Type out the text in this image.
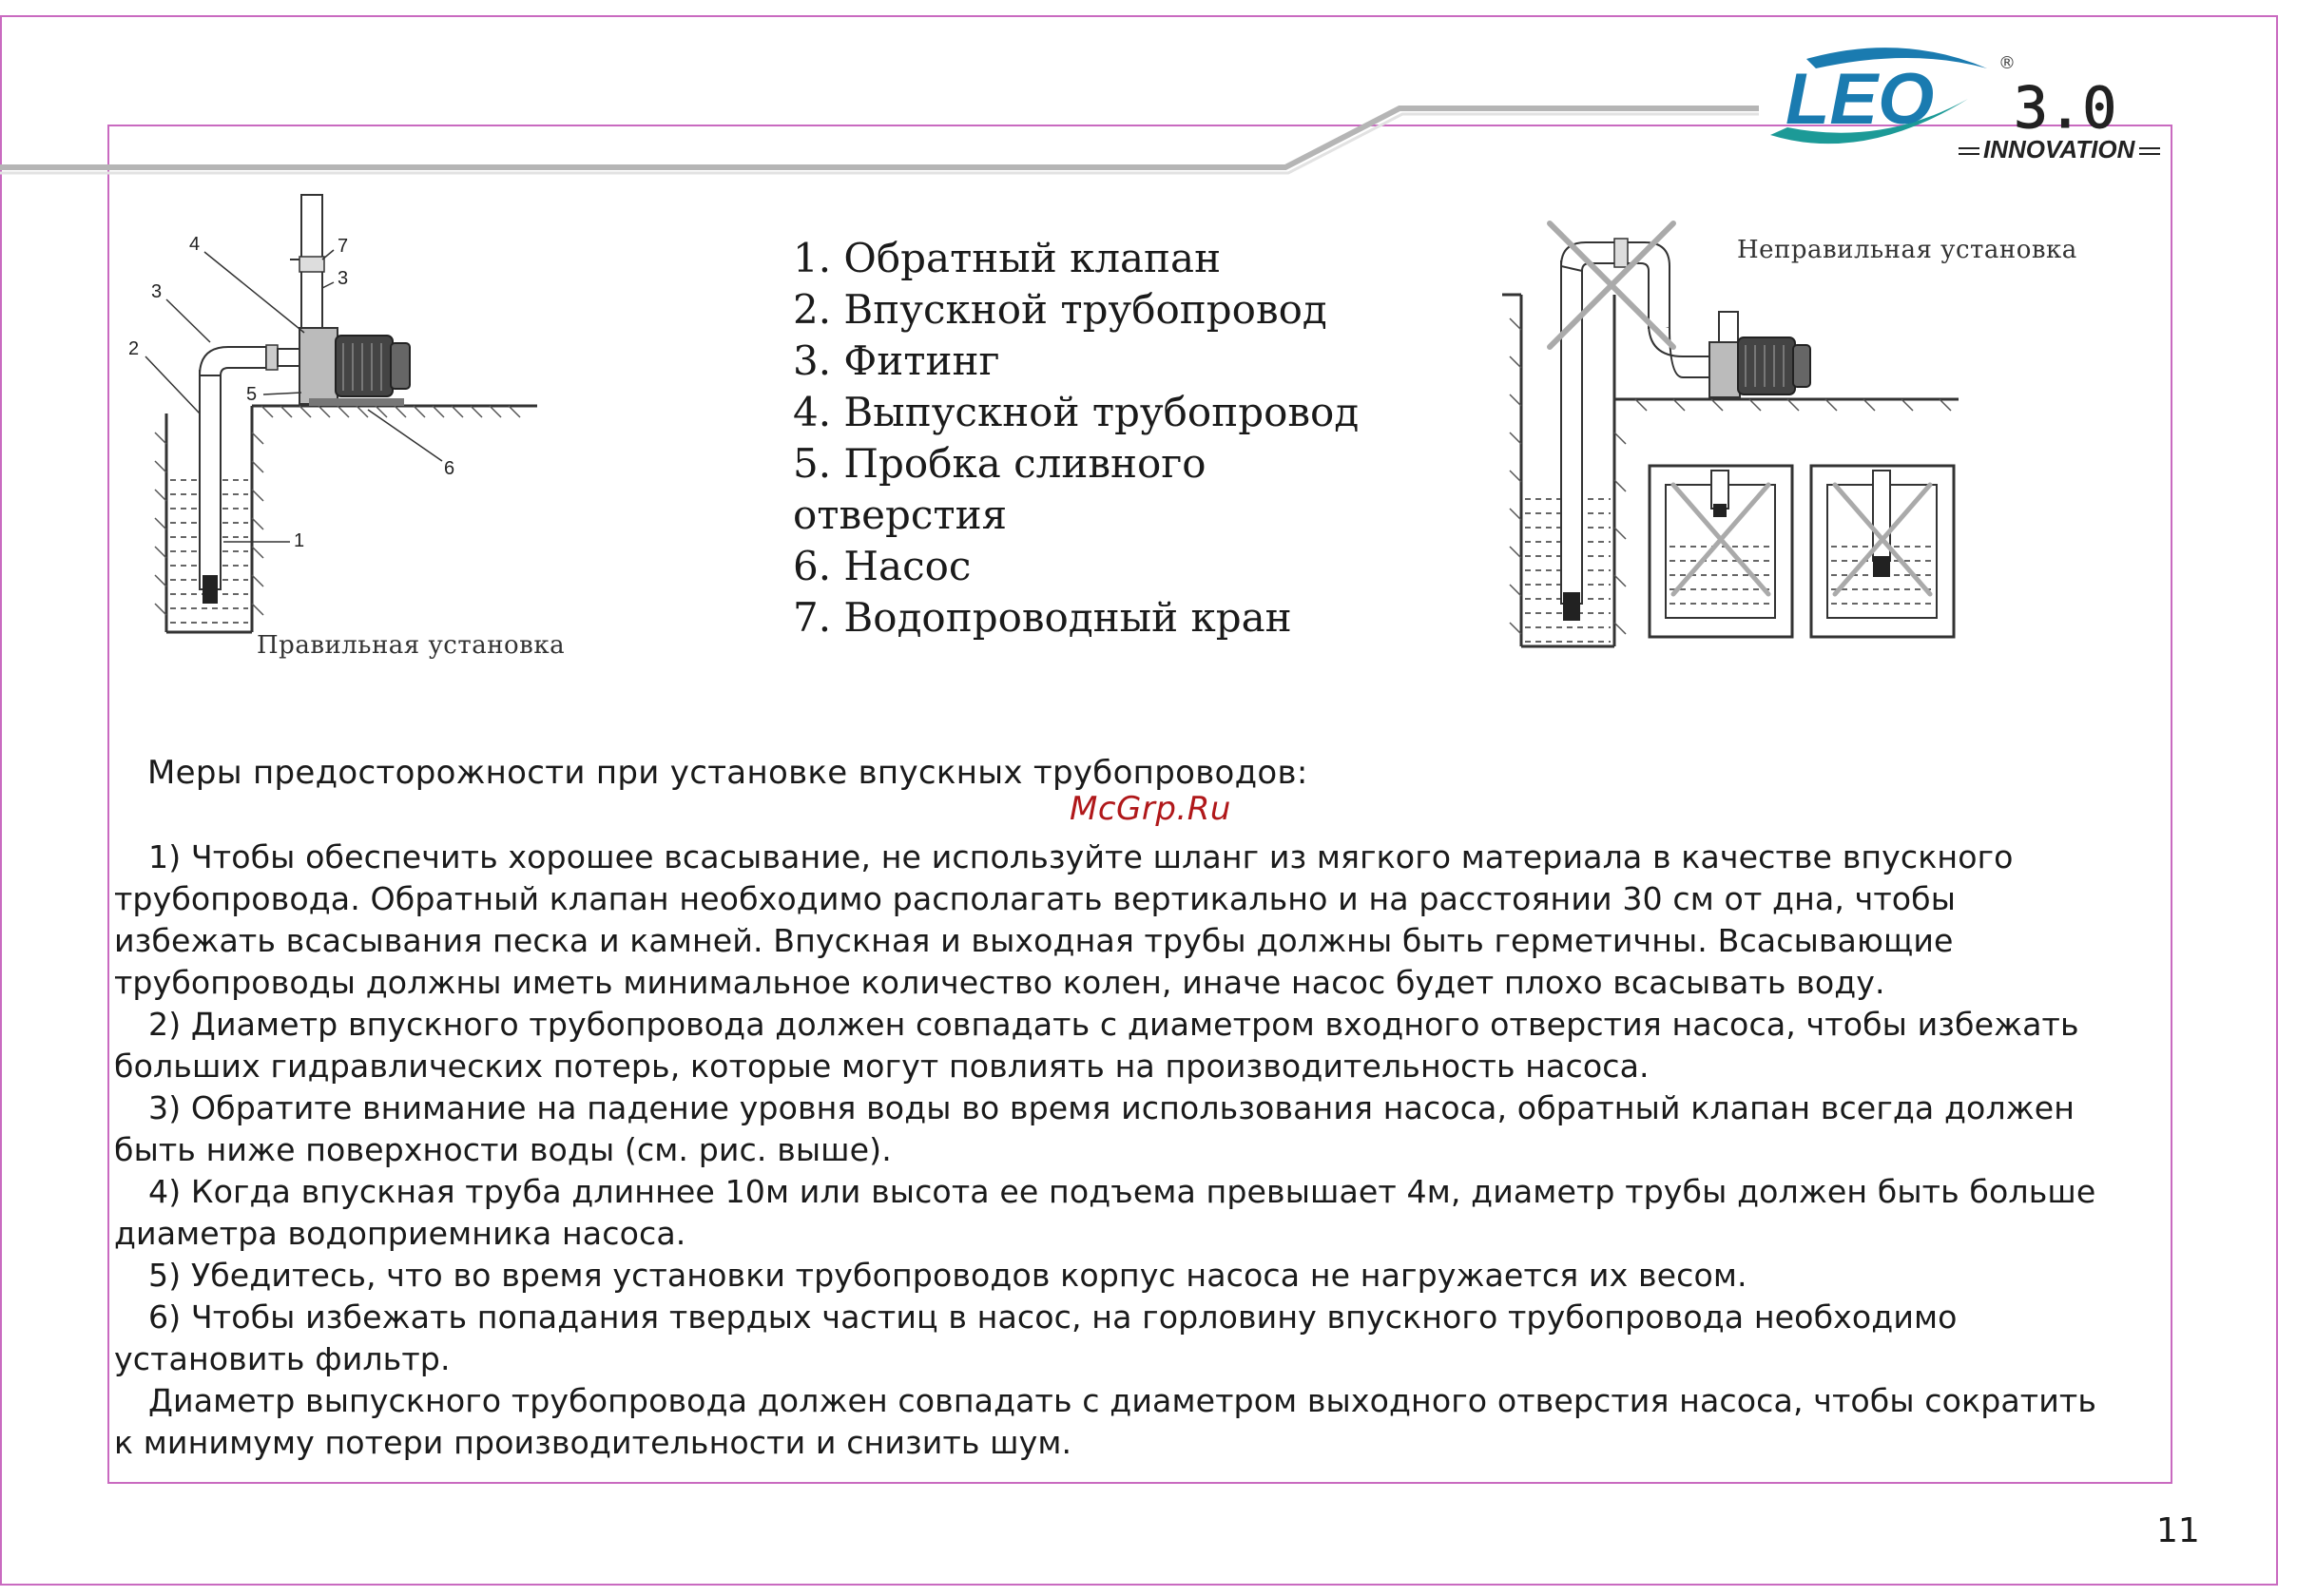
LEO	®
3.0
INNOVATION
2
3
4	7
3
5
6
1
Правильная установка
1. Обратный клапан
2. Впускной трубопровод
3. Фитинг
4. Выпускной трубопровод
5. Пробка сливного
отверстия
6. Насос
7. Водопроводный кран
Неправильная установка
Меры предосторожности при установке впускных трубопроводов:
McGrp.Ru

1) Чтобы обеспечить хорошее всасывание, не используйте шланг из мягкого материала в качестве впускного

трубопровода. Обратный клапан необходимо располагать вертикально и на расстоянии 30 см от дна, чтобы

избежать всасывания песка и камней. Впускная и выходная трубы должны быть герметичны. Всасывающие

трубопроводы должны иметь минимальное количество колен, иначе насос будет плохо всасывать воду.

2) Диаметр впускного трубопровода должен совпадать с диаметром входного отверстия насоса, чтобы избежать

больших гидравлических потерь, которые могут повлиять на производительность насоса.

3) Обратите внимание на падение уровня воды во время использования насоса, обратный клапан всегда должен

быть ниже поверхности воды (см. рис. выше).

4) Когда впускная труба длиннее 10м или высота ее подъема превышает 4м, диаметр трубы должен быть больше

диаметра водоприемника насоса.

5) Убедитесь, что во время установки трубопроводов корпус насоса не нагружается их весом.

6) Чтобы избежать попадания твердых частиц в насос, на горловину впускного трубопровода необходимо

установить фильтр.

Диаметр выпускного трубопровода должен совпадать с диаметром выходного отверстия насоса, чтобы сократить

к минимуму потери производительности и снизить шум.

11
